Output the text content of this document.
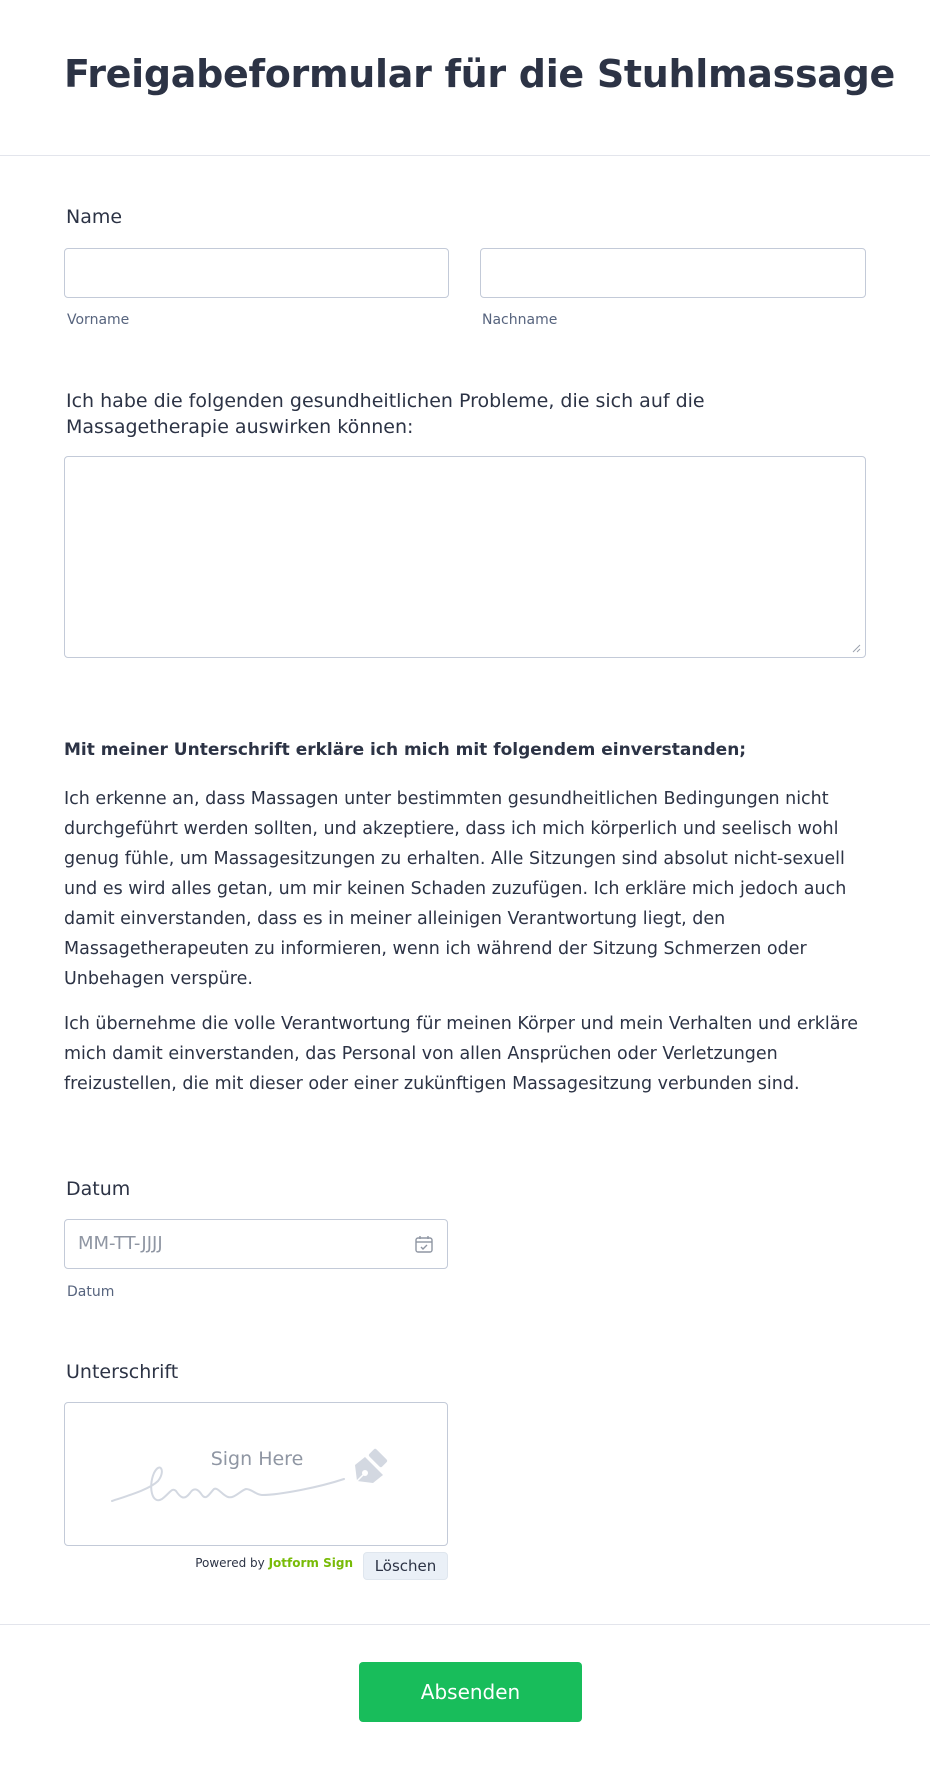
Freigabeformular für die Stuhlmassage
Name
Vorname	Nachname
Ich habe die folgenden gesundheitlichen Probleme, die sich auf die Massagetherapie auswirken können:
Mit meiner Unterschrift erkläre ich mich mit folgendem einverstanden;
Ich erkenne an, dass Massagen unter bestimmten gesundheitlichen Bedingungen nicht durchgeführt werden sollten, und akzeptiere, dass ich mich körperlich und seelisch wohl genug fühle, um Massagesitzungen zu erhalten. Alle Sitzungen sind absolut nicht-sexuell und es wird alles getan, um mir keinen Schaden zuzufügen. Ich erkläre mich jedoch auch damit einverstanden, dass es in meiner alleinigen Verantwortung liegt, den Massagetherapeuten zu informieren, wenn ich während der Sitzung Schmerzen oder Unbehagen verspüre.
Ich übernehme die volle Verantwortung für meinen Körper und mein Verhalten und erkläre mich damit einverstanden, das Personal von allen Ansprüchen oder Verletzungen freizustellen, die mit dieser oder einer zukünftigen Massagesitzung verbunden sind.
Datum
MM-TT-JJJJ
Datum
Unterschrift
Sign Here
Powered by Jotform Sign	Löschen
Absenden
